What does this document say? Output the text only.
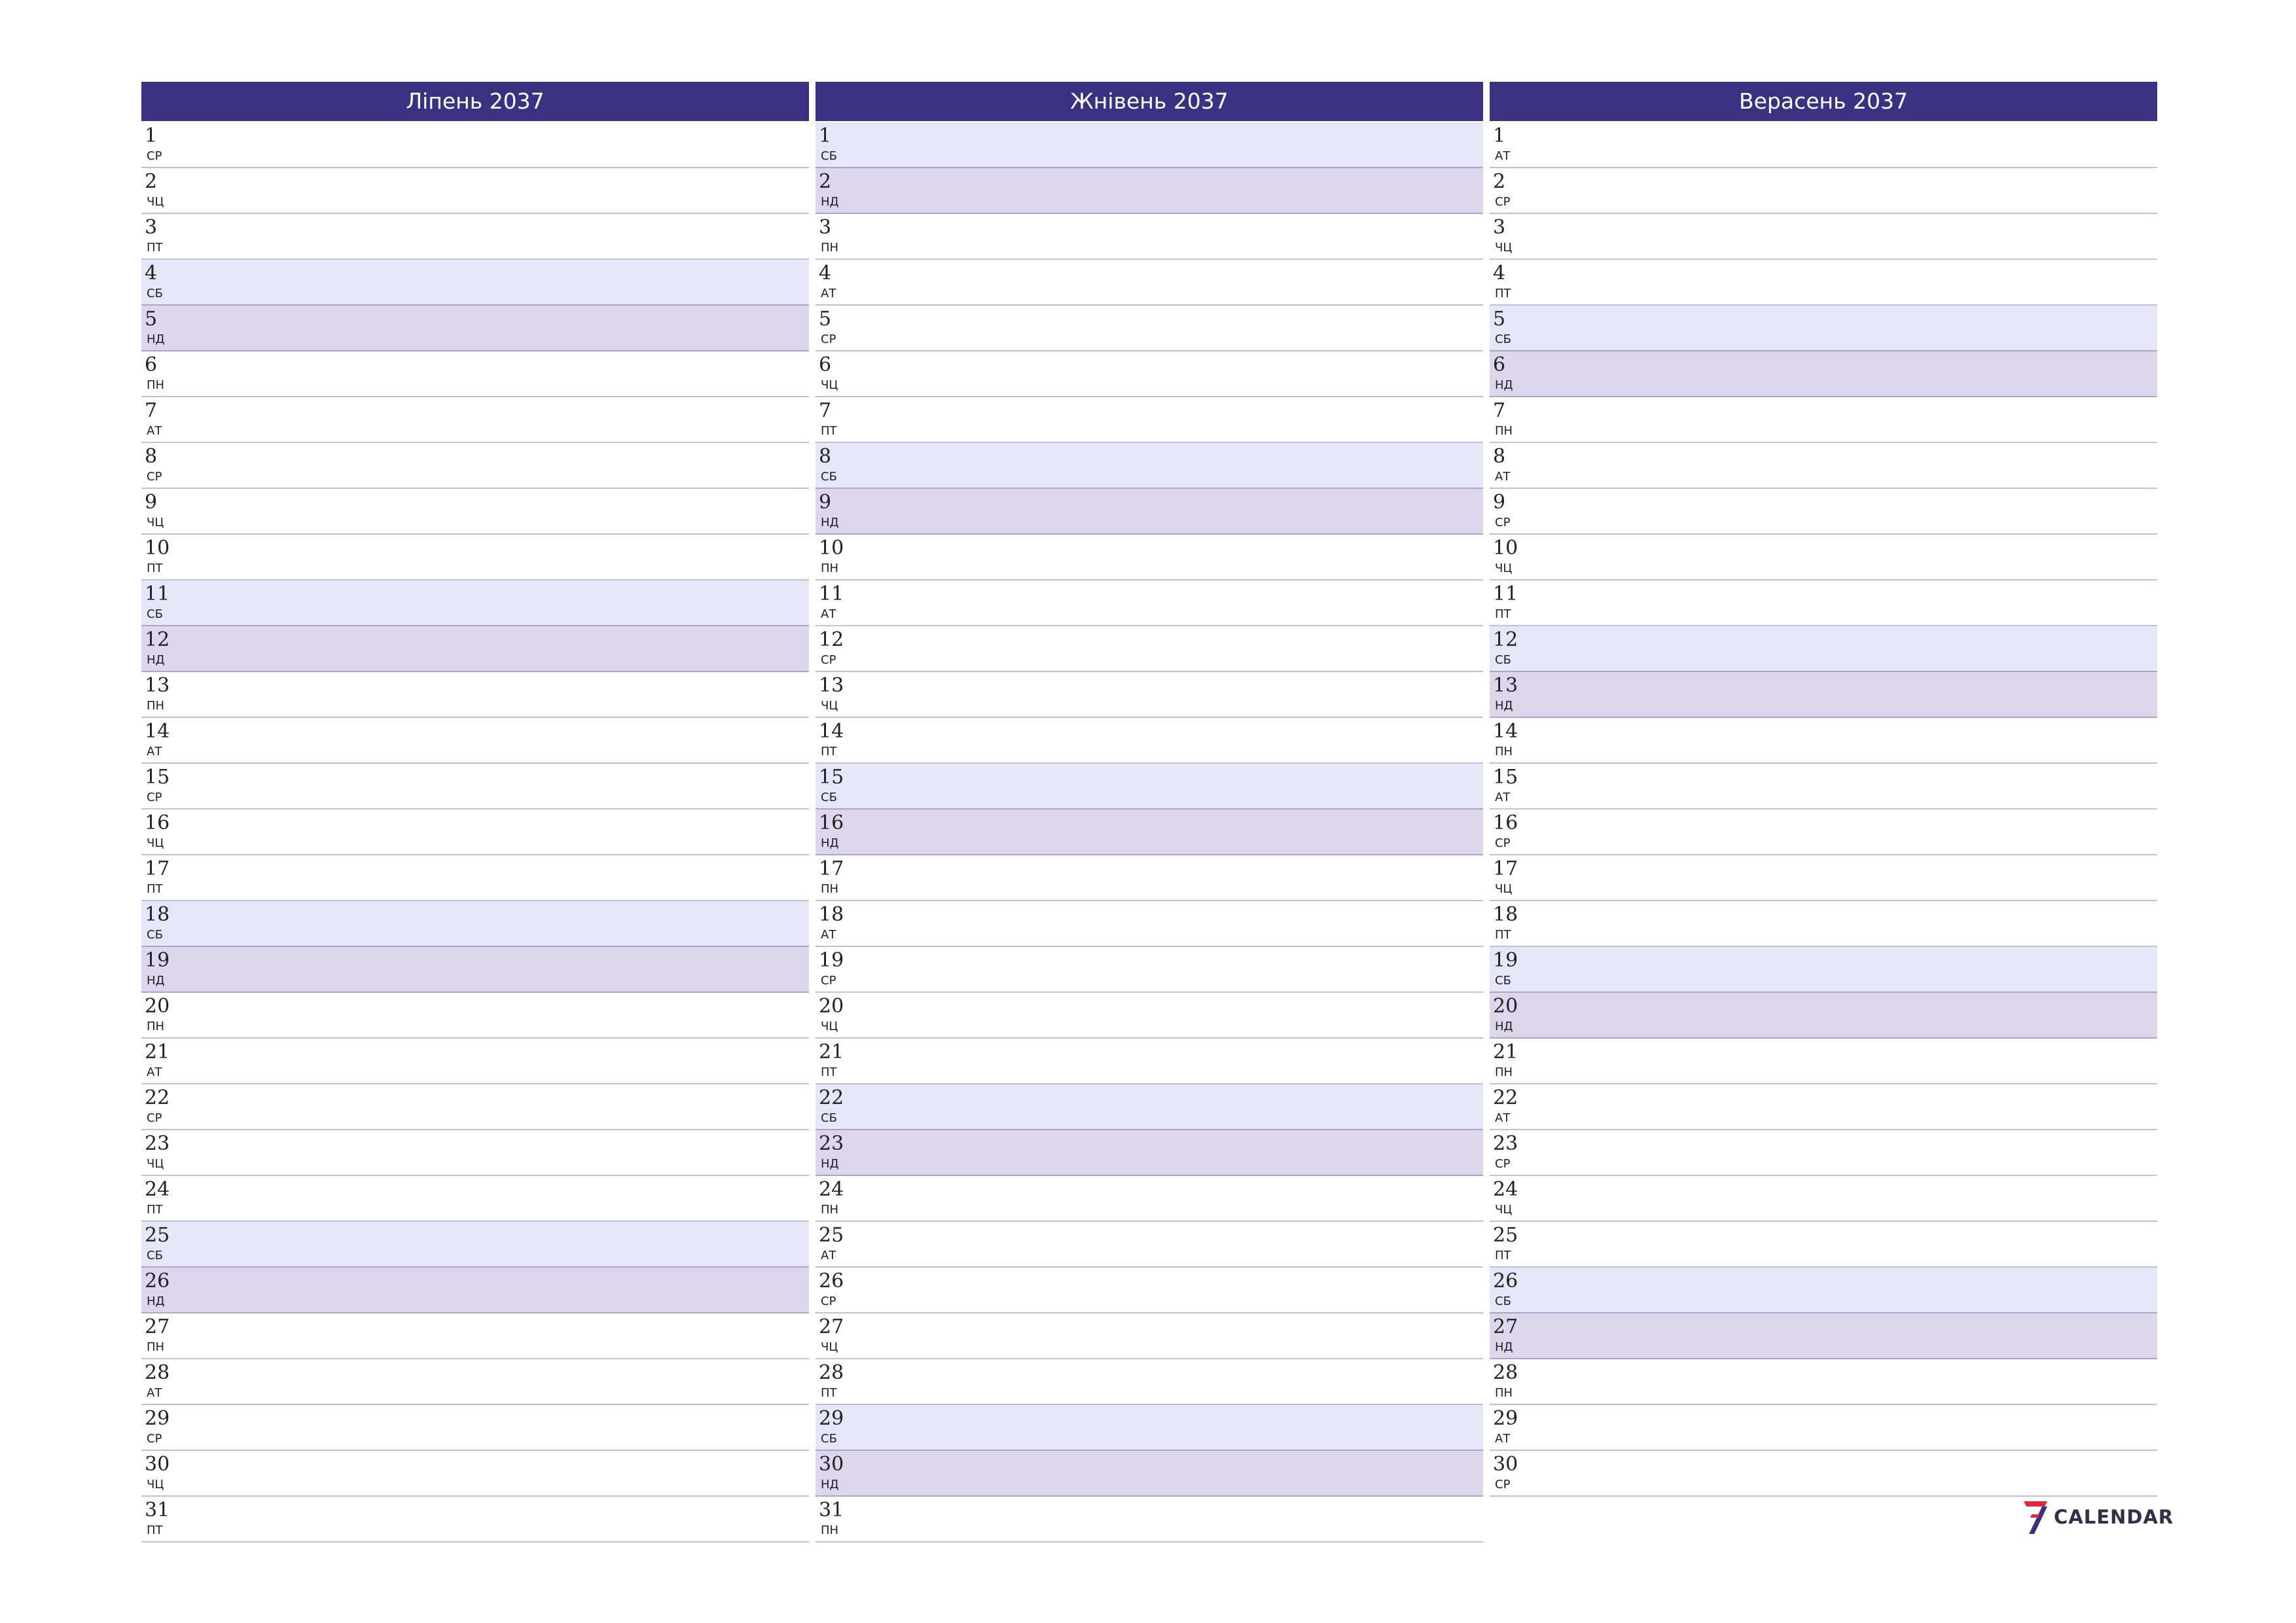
Ліпень 2037
1
СР
2
ЧЦ
3
ПТ
4
СБ
5
НД
6
ПН
7
АТ
8
СР
9
ЧЦ
10
ПТ
11
СБ
12
НД
13
ПН
14
АТ
15
СР
16
ЧЦ
17
ПТ
18
СБ
19
НД
20
ПН
21
АТ
22
СР
23
ЧЦ
24
ПТ
25
СБ
26
НД
27
ПН
28
АТ
29
СР
30
ЧЦ
31
ПТ
Жнівень 2037
1
СБ
2
НД
3
ПН
4
АТ
5
СР
6
ЧЦ
7
ПТ
8
СБ
9
НД
10
ПН
11
АТ
12
СР
13
ЧЦ
14
ПТ
15
СБ
16
НД
17
ПН
18
АТ
19
СР
20
ЧЦ
21
ПТ
22
СБ
23
НД
24
ПН
25
АТ
26
СР
27
ЧЦ
28
ПТ
29
СБ
30
НД
31
ПН
Верасень 2037
1
АТ
2
СР
3
ЧЦ
4
ПТ
5
СБ
6
НД
7
ПН
8
АТ
9
СР
10
ЧЦ
11
ПТ
12
СБ
13
НД
14
ПН
15
АТ
16
СР
17
ЧЦ
18
ПТ
19
СБ
20
НД
21
ПН
22
АТ
23
СР
24
ЧЦ
25
ПТ
26
СБ
27
НД
28
ПН
29
АТ
30
СР
CALENDAR
